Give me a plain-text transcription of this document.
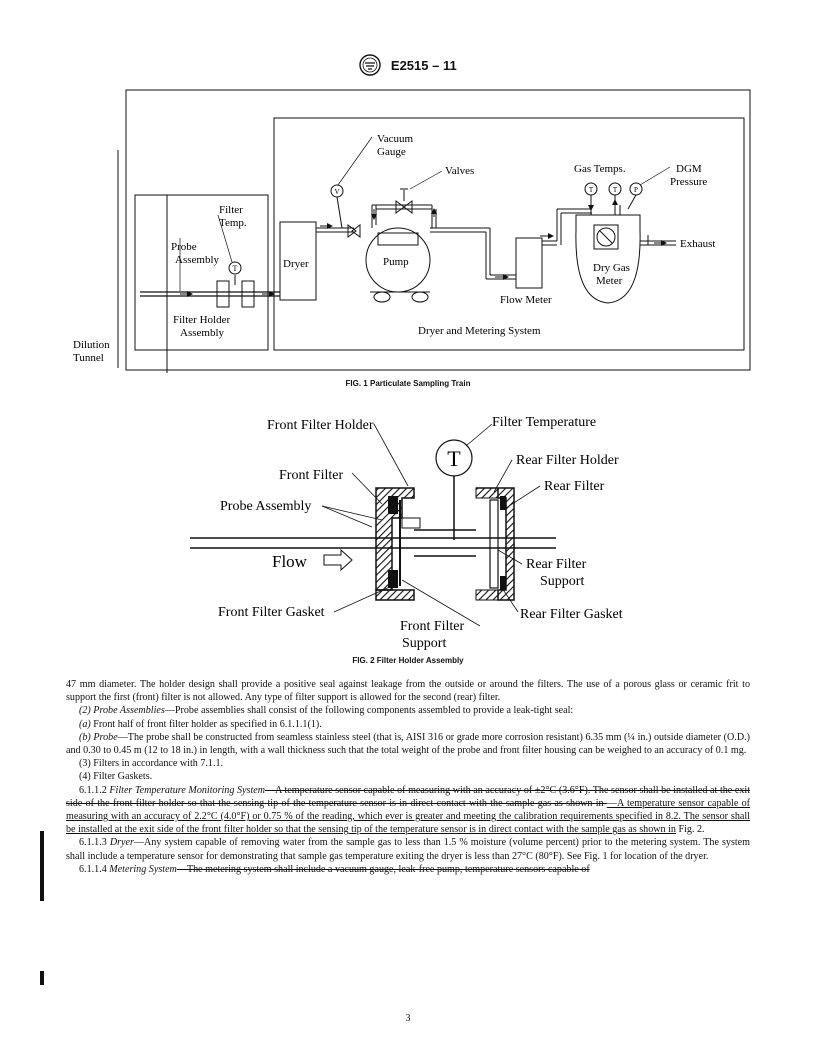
E2515 – 11
T
V	T	T P
Vacuum
Gauge
Valves	Gas Temps.	DGM
Pressure
Filter
Temp.
Probe
Assembly	Dryer	Pump	Dry Gas
Meter
Exhaust
Flow Meter
Filter Holder
Assembly	Dryer and Metering System
Dilution
Tunnel
FIG. 1 Particulate Sampling Train
T
Front Filter Holder	Filter Temperature
Front Filter
Rear Filter Holder
Rear Filter
Probe Assembly
Flow	Rear Filter
Support
Front Filter Gasket	Rear Filter Gasket
Front Filter
Support
FIG. 2 Filter Holder Assembly

47 mm diameter. The holder design shall provide a positive seal against leakage from the outside or around the filters. The use of a porous glass or ceramic frit to support the first (front) filter is not allowed. Any type of filter support is allowed for the second (rear) filter.

(2) Probe Assemblies—Probe assemblies shall consist of the following components assembled to provide a leak-tight seal:

(a) Front half of front filter holder as specified in 6.1.1.1(1).

(b) Probe—The probe shall be constructed from seamless stainless steel (that is, AISI 316 or grade more corrosion resistant) 6.35 mm (¼ in.) outside diameter (O.D.) and 0.30 to 0.45 m (12 to 18 in.) in length, with a wall thickness such that the total weight of the probe and front filter housing can be weighed to an accuracy of 0.1 mg.

(3) Filters in accordance with 7.1.1.

(4) Filter Gaskets.

6.1.1.2 Filter Temperature Monitoring System—A temperature sensor capable of measuring with an accuracy of ±2°C (3.6°F). The sensor shall be installed at the exit side of the front filter holder so that the sensing tip of the temperature sensor is in direct contact with the sample gas as shown in —A temperature sensor capable of measuring with an accuracy of 2.2°C (4.0°F) or 0.75 % of the reading, which ever is greater and meeting the calibration requirements specified in 8.2. The sensor shall be installed at the exit side of the front filter holder so that the sensing tip of the temperature sensor is in direct contact with the sample gas as shown in Fig. 2.

6.1.1.3 Dryer—Any system capable of removing water from the sample gas to less than 1.5 % moisture (volume percent) prior to the metering system. The system shall include a temperature sensor for demonstrating that sample gas temperature exiting the dryer is less than 27°C (80°F). See Fig. 1 for location of the dryer.

6.1.1.4 Metering System—The metering system shall include a vacuum gauge, leak-free pump, temperature sensors capable of

3
